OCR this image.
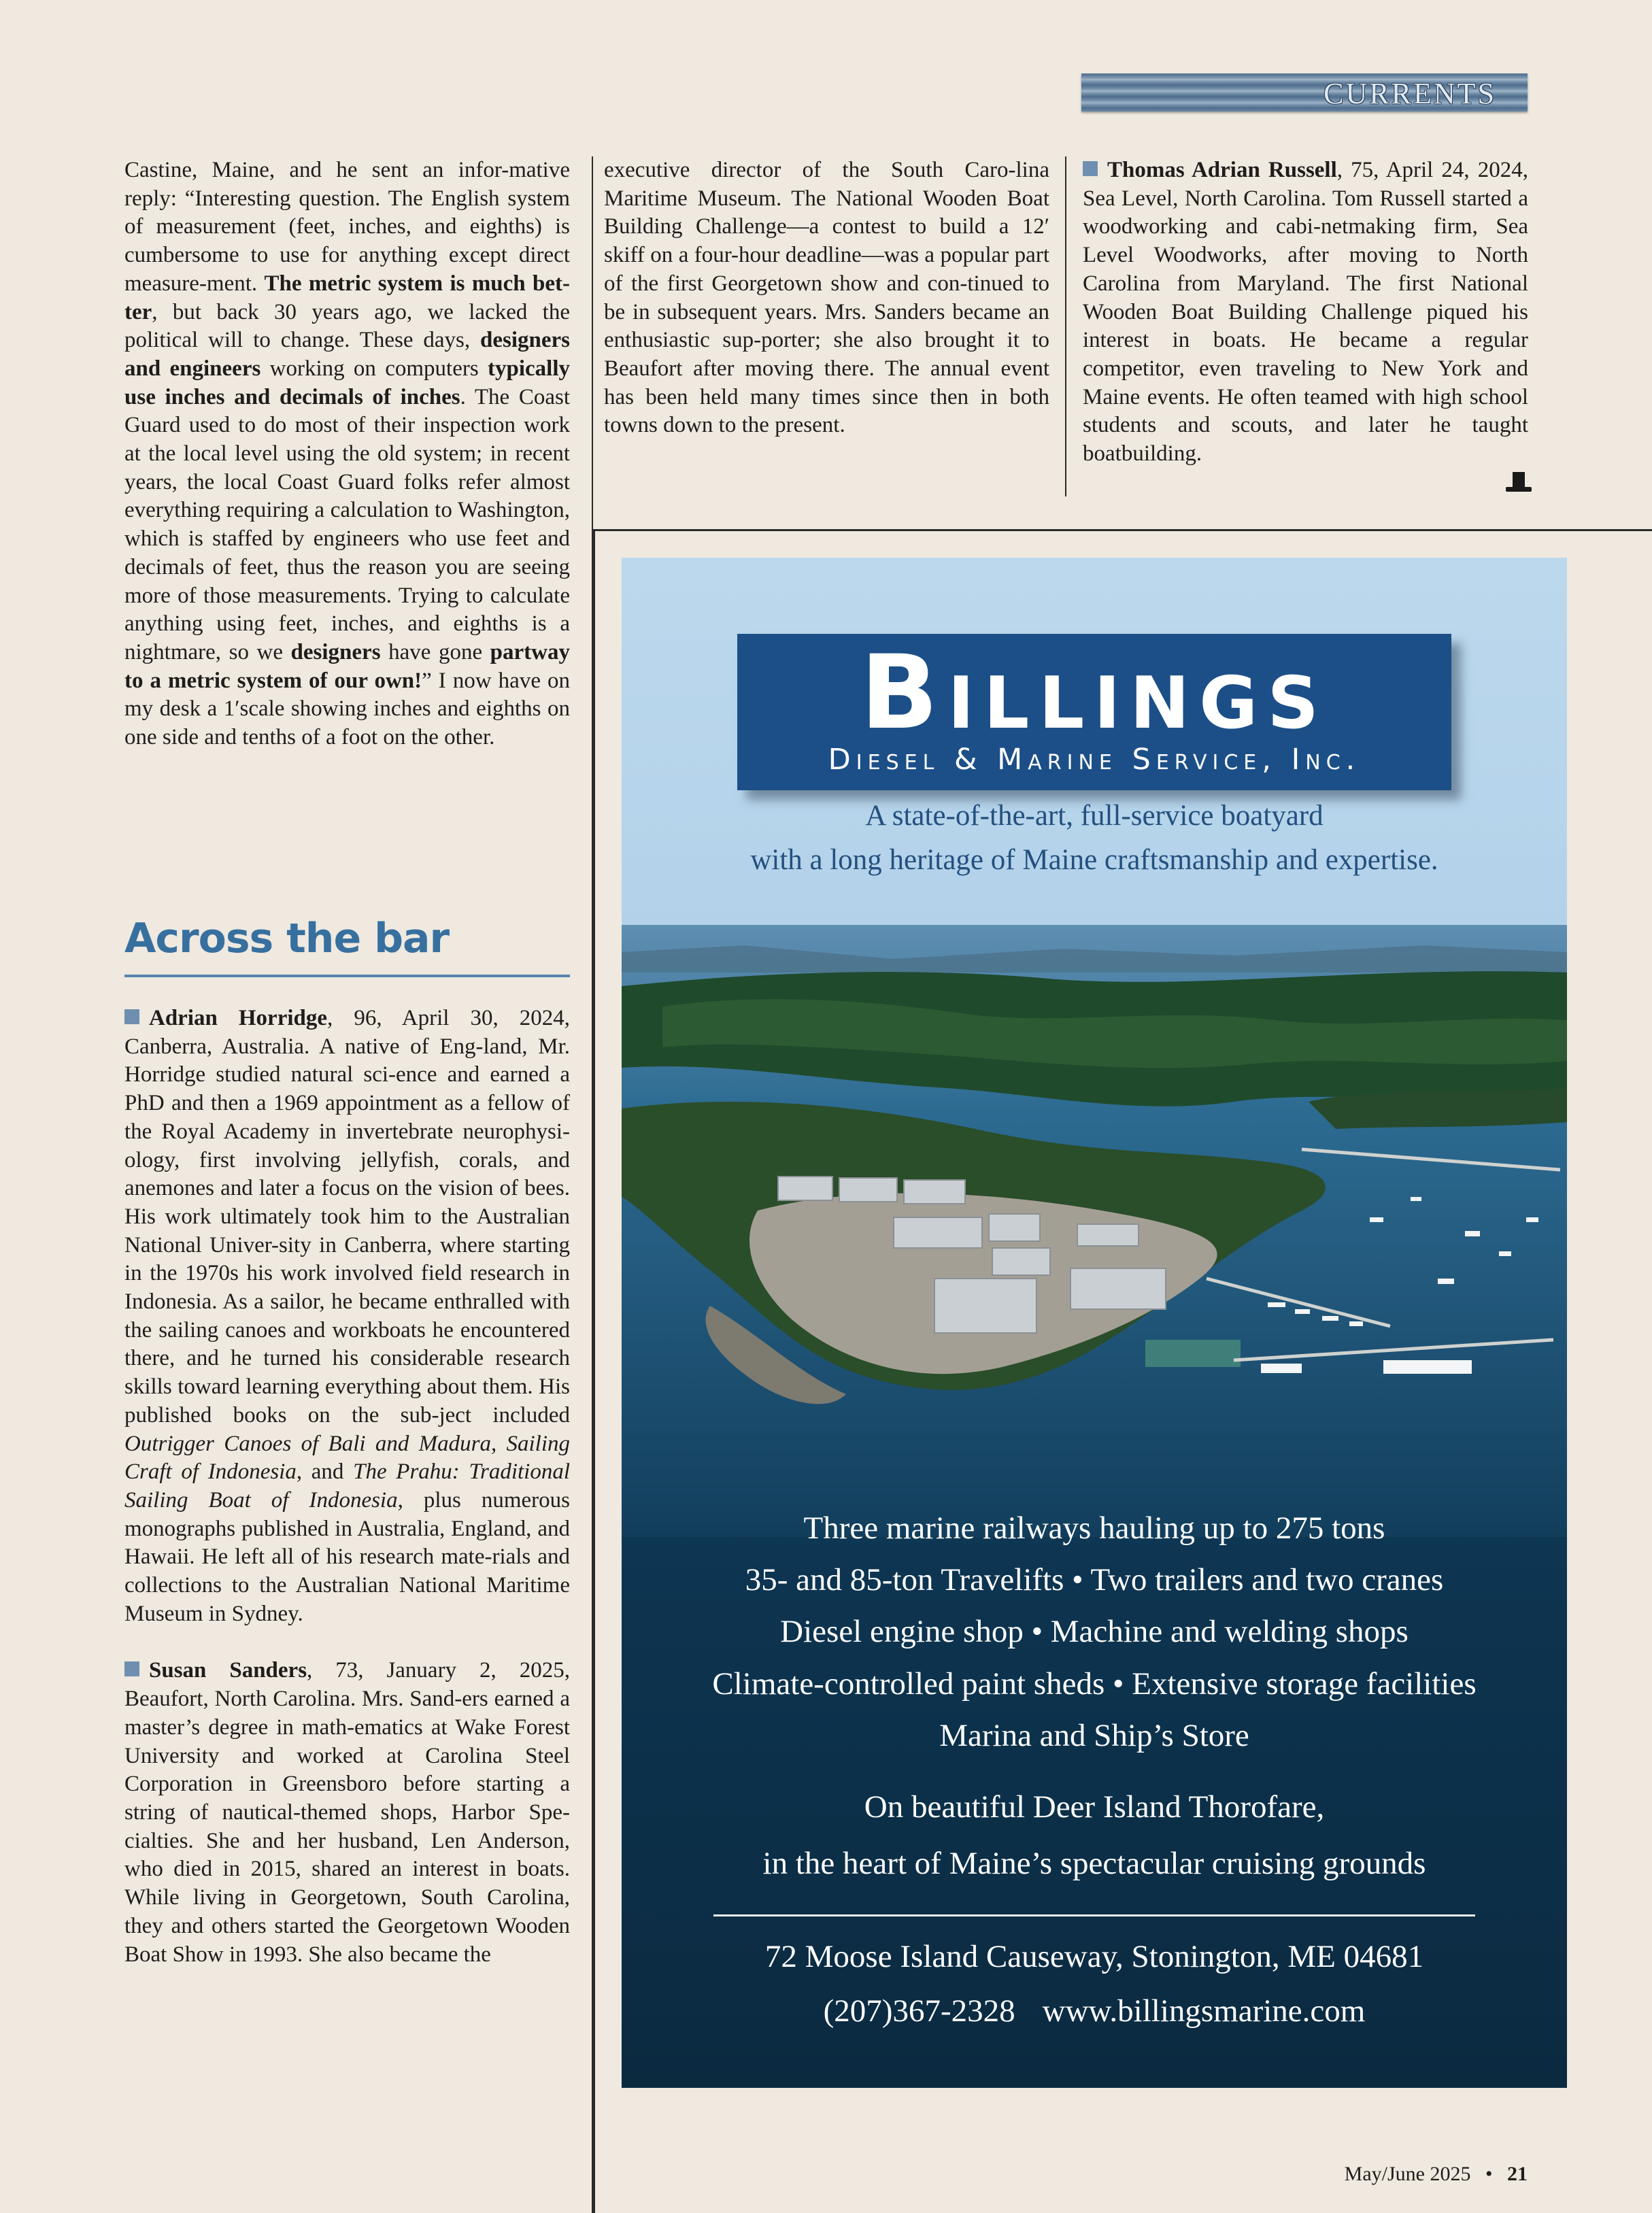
CURRENTS

Castine, Maine, and he sent an infor-mative reply: “Interesting question. The English system of measurement (feet, inches, and eighths) is cumbersome to use for anything except direct measure-ment. The metric system is much bet-ter, but back 30 years ago, we lacked the political will to change. These days, designers and engineers working on computers typically use inches and decimals of inches. The Coast Guard used to do most of their inspection work at the local level using the old system; in recent years, the local Coast Guard folks refer almost everything requiring a calculation to Washington, which is staffed by engineers who use feet and decimals of feet, thus the reason you are seeing more of those measurements. Trying to calculate anything using feet, inches, and eighths is a nightmare, so we designers have gone partway to a metric system of our own!” I now have on my desk a 1′scale showing inches and eighths on one side and tenths of a foot on the other.

Across the bar

Adrian Horridge, 96, April 30, 2024, Canberra, Australia. A native of Eng-land, Mr. Horridge studied natural sci-ence and earned a PhD and then a 1969 appointment as a fellow of the Royal Academy in invertebrate neurophysi-ology, first involving jellyfish, corals, and anemones and later a focus on the vision of bees. His work ultimately took him to the Australian National Univer-sity in Canberra, where starting in the 1970s his work involved field research in Indonesia. As a sailor, he became enthralled with the sailing canoes and workboats he encountered there, and he turned his considerable research skills toward learning everything about them. His published books on the sub-ject included Outrigger Canoes of Bali and Madura, Sailing Craft of Indonesia, and The Prahu: Traditional Sailing Boat of Indonesia, plus numerous monographs published in Australia, England, and Hawaii. He left all of his research mate-rials and collections to the Australian National Maritime Museum in Sydney.

Susan Sanders, 73, January 2, 2025, Beaufort, North Carolina. Mrs. Sand-ers earned a master’s degree in math-ematics at Wake Forest University and worked at Carolina Steel Corporation in Greensboro before starting a string of nautical-themed shops, Harbor Spe-cialties. She and her husband, Len Anderson, who died in 2015, shared an interest in boats. While living in Georgetown, South Carolina, they and others started the Georgetown Wooden Boat Show in 1993. She also became the

executive director of the South Caro-lina Maritime Museum. The National Wooden Boat Building Challenge—a contest to build a 12′ skiff on a four-hour deadline—was a popular part of the first Georgetown show and con-tinued to be in subsequent years. Mrs. Sanders became an enthusiastic sup-porter; she also brought it to Beaufort after moving there. The annual event has been held many times since then in both towns down to the present.

Thomas Adrian Russell, 75, April 24, 2024, Sea Level, North Carolina. Tom Russell started a woodworking and cabi-netmaking firm, Sea Level Woodworks, after moving to North Carolina from Maryland. The first National Wooden Boat Building Challenge piqued his interest in boats. He became a regular competitor, even traveling to New York and Maine events. He often teamed with high school students and scouts, and later he taught boatbuilding.

Billings
Diesel & Marine Service, Inc.
A state-of-the-art, full-service boatyard
with a long heritage of Maine craftsmanship and expertise.
Three marine railways hauling up to 275 tons
35- and 85-ton Travelifts • Two trailers and two cranes
Diesel engine shop • Machine and welding shops
Climate-controlled paint sheds • Extensive storage facilities
Marina and Ship’s Store
On beautiful Deer Island Thorofare,
in the heart of Maine’s spectacular cruising grounds
72 Moose Island Causeway, Stonington, ME 04681
(207)367-2328 www.billingsmarine.com
May/June 2025 • 21
